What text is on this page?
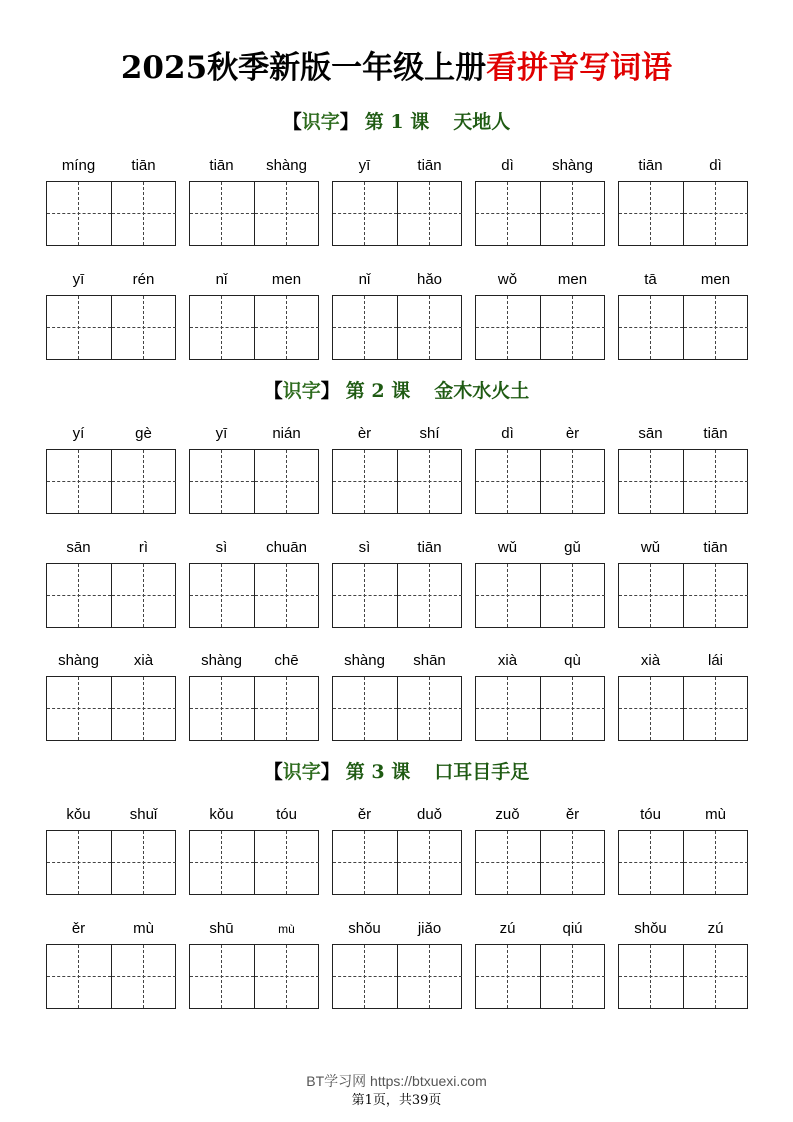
2025秋季新版一年级上册看拼音写词语
【识字】 第 1 课 天地人
míng	tiān	tiān	shàng	yī	tiān	dì	shàng	tiān	dì
yī	rén	nǐ	men	nǐ	hǎo	wǒ	men	tā	men
【识字】 第 2 课 金木水火土
yí	gè	yī	nián	èr	shí	dì	èr	sān	tiān
sān	rì	sì	chuān	sì	tiān	wǔ	gǔ	wǔ	tiān
shàng	xià	shàng	chē	shàng	shān	xià	qù	xià	lái
【识字】 第 3 课 口耳目手足
kǒu	shuǐ	kǒu	tóu	ěr	duǒ	zuǒ	ěr	tóu	mù
ěr	mù	shū	mù	shǒu	jiǎo	zú	qiú	shǒu	zú
BT学习网 https://btxuexi.com
第1页，共39页
